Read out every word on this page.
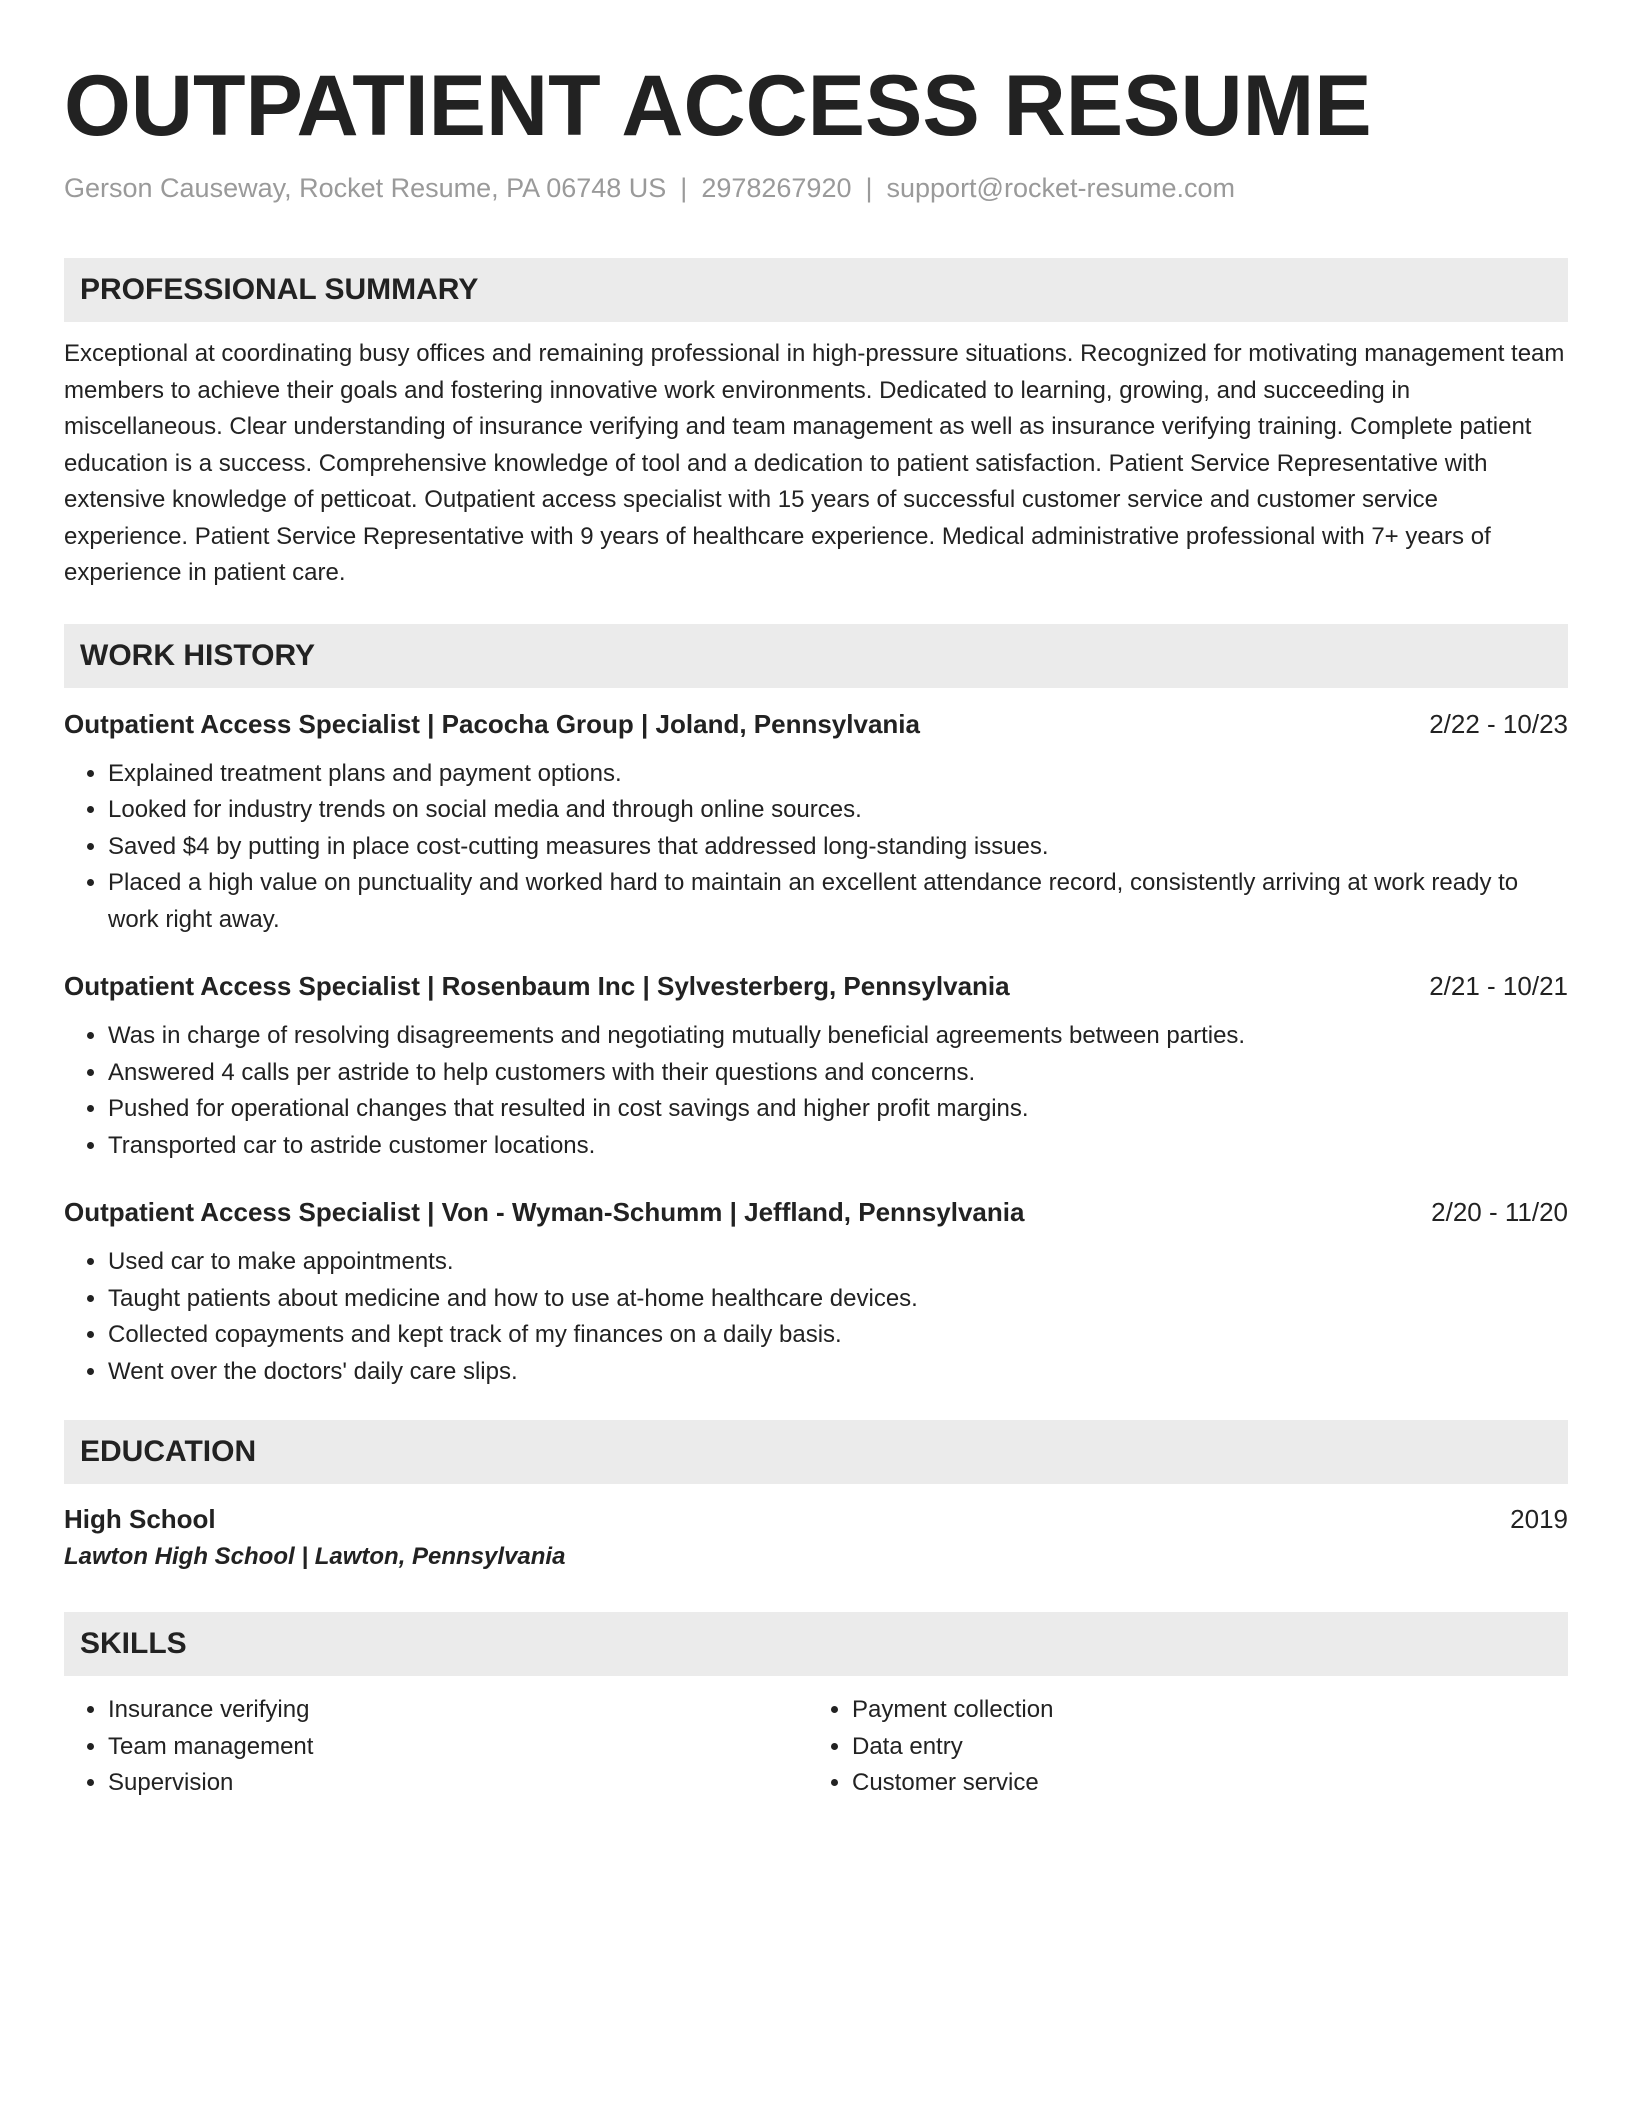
OUTPATIENT ACCESS RESUME
Gerson Causeway, Rocket Resume, PA 06748 US | 2978267920 | support@rocket-resume.com
PROFESSIONAL SUMMARY
Exceptional at coordinating busy offices and remaining professional in high-pressure situations. Recognized for motivating management team members to achieve their goals and fostering innovative work environments. Dedicated to learning, growing, and succeeding in miscellaneous. Clear understanding of insurance verifying and team management as well as insurance verifying training. Complete patient education is a success. Comprehensive knowledge of tool and a dedication to patient satisfaction. Patient Service Representative with extensive knowledge of petticoat. Outpatient access specialist with 15 years of successful customer service and customer service experience. Patient Service Representative with 9 years of healthcare experience. Medical administrative professional with 7+ years of experience in patient care.
WORK HISTORY
Outpatient Access Specialist | Pacocha Group | Joland, Pennsylvania	2/22 - 10/23
• Explained treatment plans and payment options.
• Looked for industry trends on social media and through online sources.
• Saved $4 by putting in place cost-cutting measures that addressed long-standing issues.
• Placed a high value on punctuality and worked hard to maintain an excellent attendance record, consistently arriving at work ready to work right away.
Outpatient Access Specialist | Rosenbaum Inc | Sylvesterberg, Pennsylvania	2/21 - 10/21
• Was in charge of resolving disagreements and negotiating mutually beneficial agreements between parties.
• Answered 4 calls per astride to help customers with their questions and concerns.
• Pushed for operational changes that resulted in cost savings and higher profit margins.
• Transported car to astride customer locations.
Outpatient Access Specialist | Von - Wyman-Schumm | Jeffland, Pennsylvania	2/20 - 11/20
• Used car to make appointments.
• Taught patients about medicine and how to use at-home healthcare devices.
• Collected copayments and kept track of my finances on a daily basis.
• Went over the doctors' daily care slips.
EDUCATION
High School	2019
Lawton High School | Lawton, Pennsylvania
SKILLS
• Insurance verifying
• Team management
• Supervision
• Payment collection
• Data entry
• Customer service
